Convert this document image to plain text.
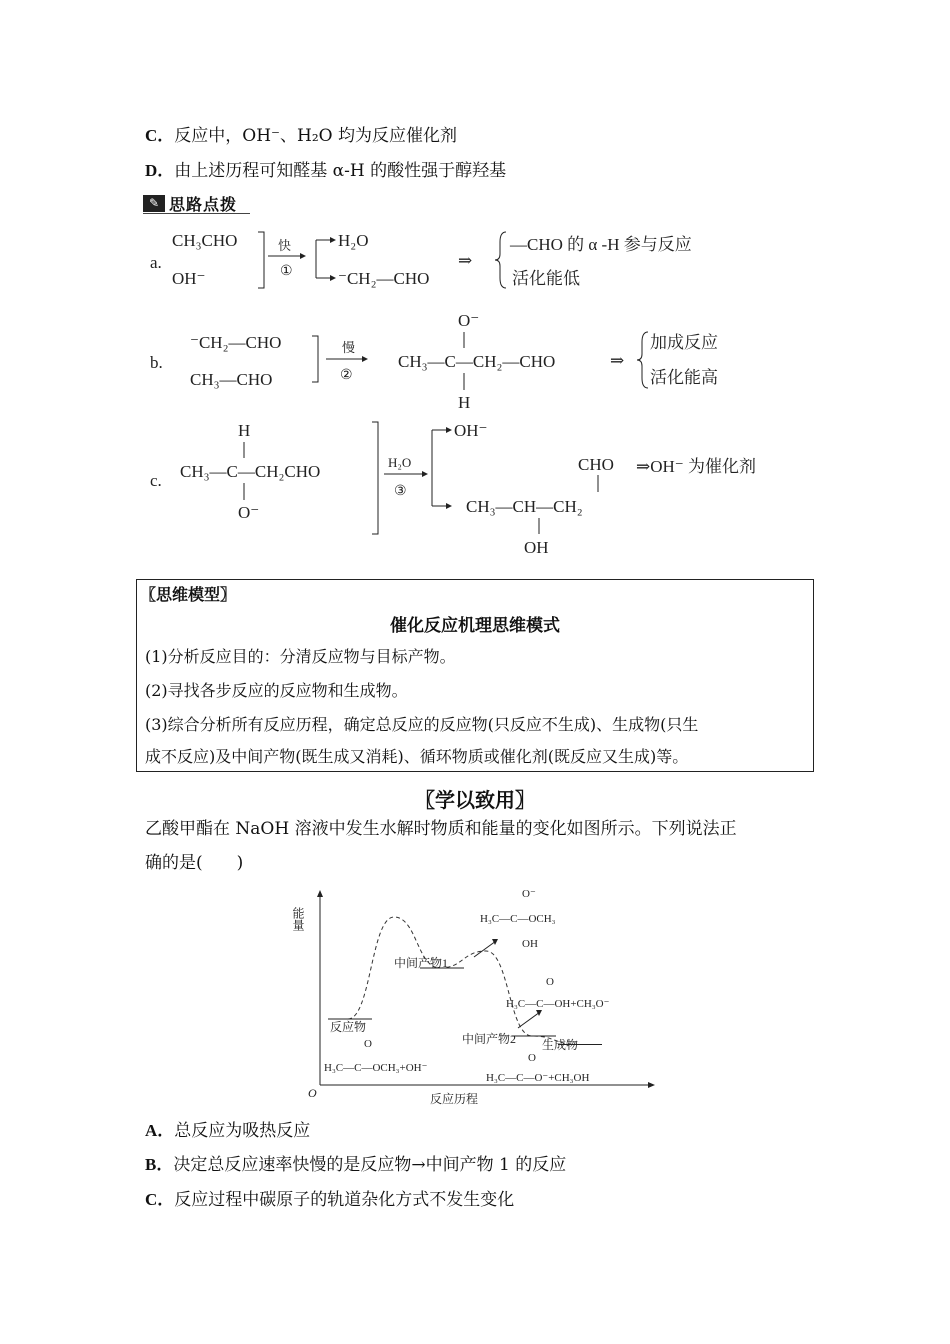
C．反应中，OH⁻、H₂O 均为反应催化剂
D．由上述历程可知醛基 α-H 的酸性强于醇羟基
✎ 思路点拨
a.
CH₃CHO
OH⁻
快
①
H₂O
⁻CH₂—CHO
⇒
—CHO 的 α -H 参与反应
活化能低
b.
⁻CH₂—CHO
CH₃—CHO
慢
②
O⁻
CH₃—C—CH₂—CHO
H
⇒
加成反应
活化能高
c.
H
CH₃—C—CH₂CHO
O⁻
H₂O
③
OH⁻
CHO
CH₃—CH—CH₂
OH
⇒OH⁻ 为催化剂
〖思维模型〗
催化反应机理思维模式
(1)分析反应目的：分清反应物与目标产物。
(2)寻找各步反应的反应物和生成物。
(3)综合分析所有反应历程，确定总反应的反应物(只反应不生成)、生成物(只生
成不反应)及中间产物(既生成又消耗)、循环物质或催化剂(既反应又生成)等。
〖学以致用〗
乙酸甲酯在 NaOH 溶液中发生水解时物质和能量的变化如图所示。下列说法正
确的是(　　)
能量
O	反应历程
反应物
中间产物1
中间产物2 生成物
O⁻
H₃C—C—OCH₃
OH
O
H₃C—C—OH+CH₃O⁻
O
H₃C—C—OCH₃+OH⁻
O
H₃C—C—O⁻+CH₃OH
A．总反应为吸热反应
B．决定总反应速率快慢的是反应物→中间产物 1 的反应
C．反应过程中碳原子的轨道杂化方式不发生变化
